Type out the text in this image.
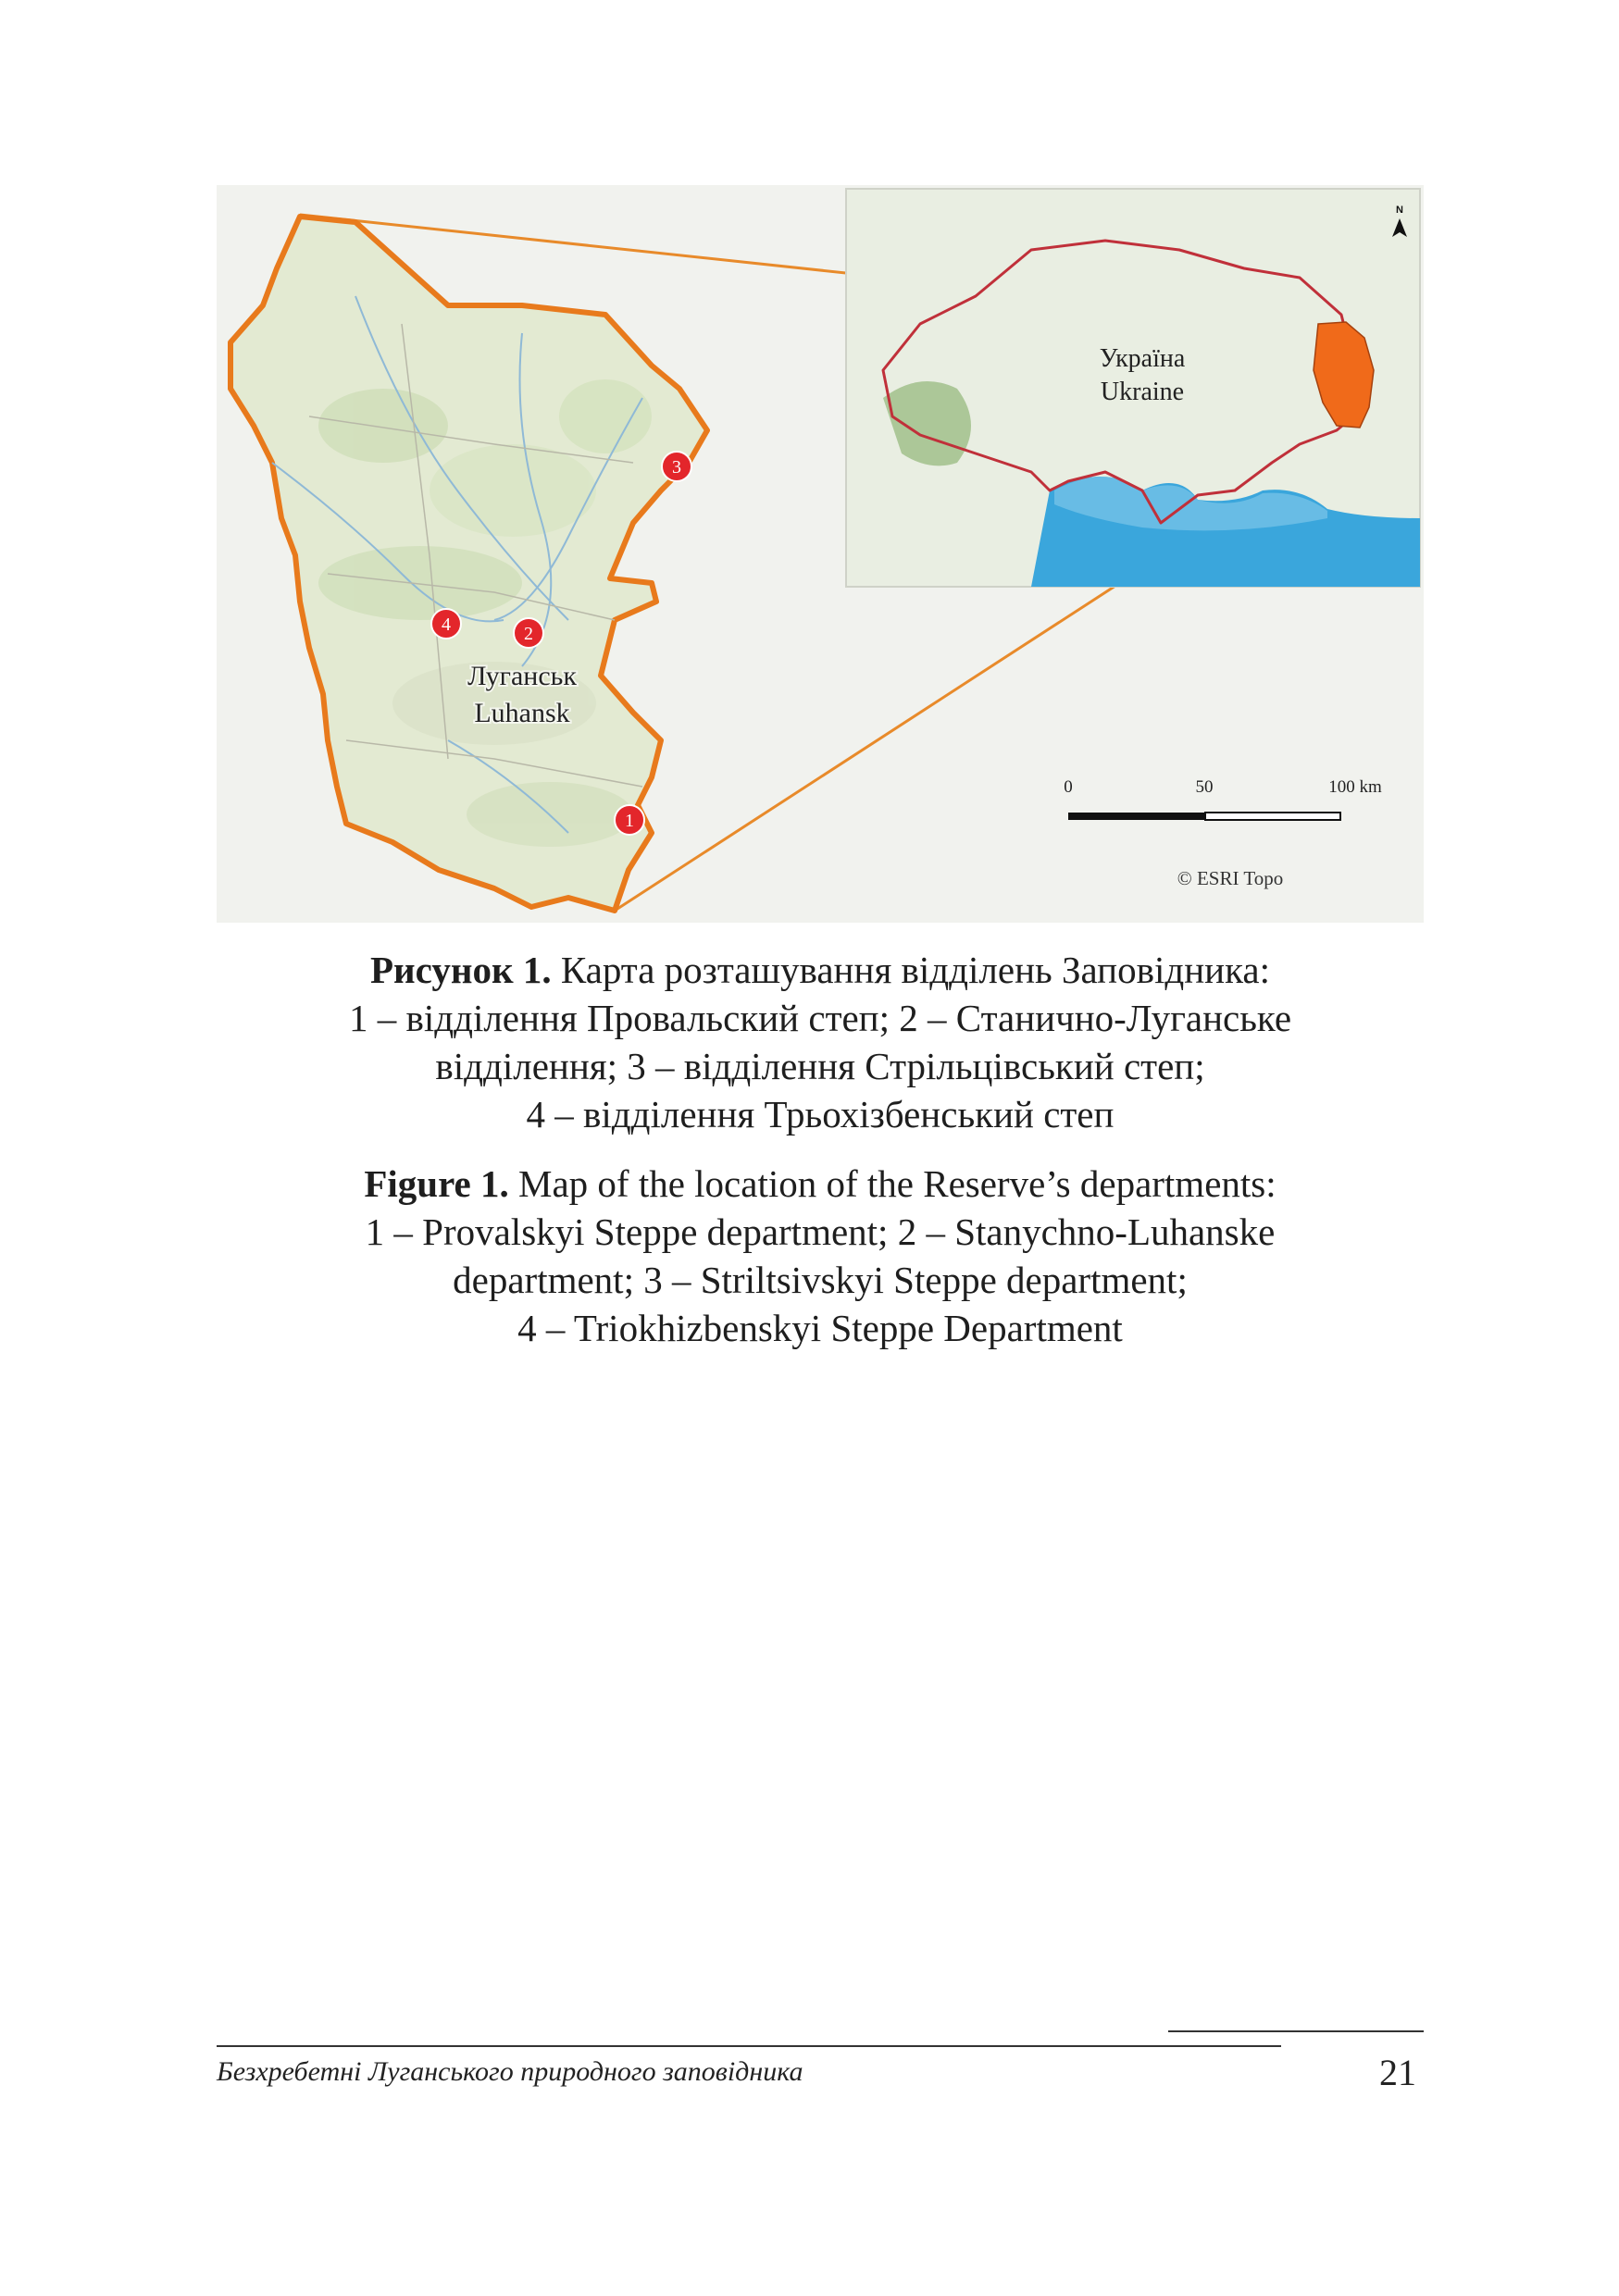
1
2
3
4
Луганськ
Luhansk
Україна
Ukraine
N
0	50	100 km
© ESRI Topo
Рисунок 1. Карта розташування відділень Заповідника:
1 – відділення Провальский степ; 2 – Станично-Луганське
відділення; 3 – відділення Стрільцівський степ;
4 – відділення Трьохізбенський степ
Figure 1. Map of the location of the Reserve’s departments:
1 – Provalskyi Steppe department; 2 – Stanychno-Luhanske
department; 3 – Striltsivskyi Steppe department;
4 – Triokhizbenskyi Steppe Department
Безхребетні Луганського природного заповідника	21
